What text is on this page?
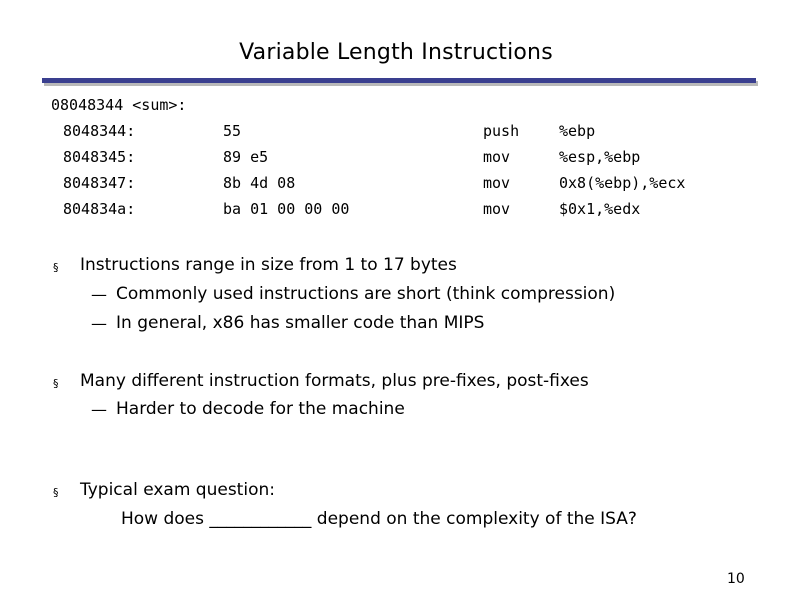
Variable Length Instructions
08048344 <sum>:
8048344:	55	push	%ebp
8048345:	89 e5	mov	%esp,%ebp
8048347:	8b 4d 08	mov	0x8(%ebp),%ecx
804834a:	ba 01 00 00 00	mov	$0x1,%edx
§ Instructions range in size from 1 to 17 bytes
— Commonly used instructions are short (think compression)
— In general, x86 has smaller code than MIPS
§ Many different instruction formats, plus pre-fixes, post-fixes
— Harder to decode for the machine
§ Typical exam question:
How does ____________ depend on the complexity of the ISA?
10
